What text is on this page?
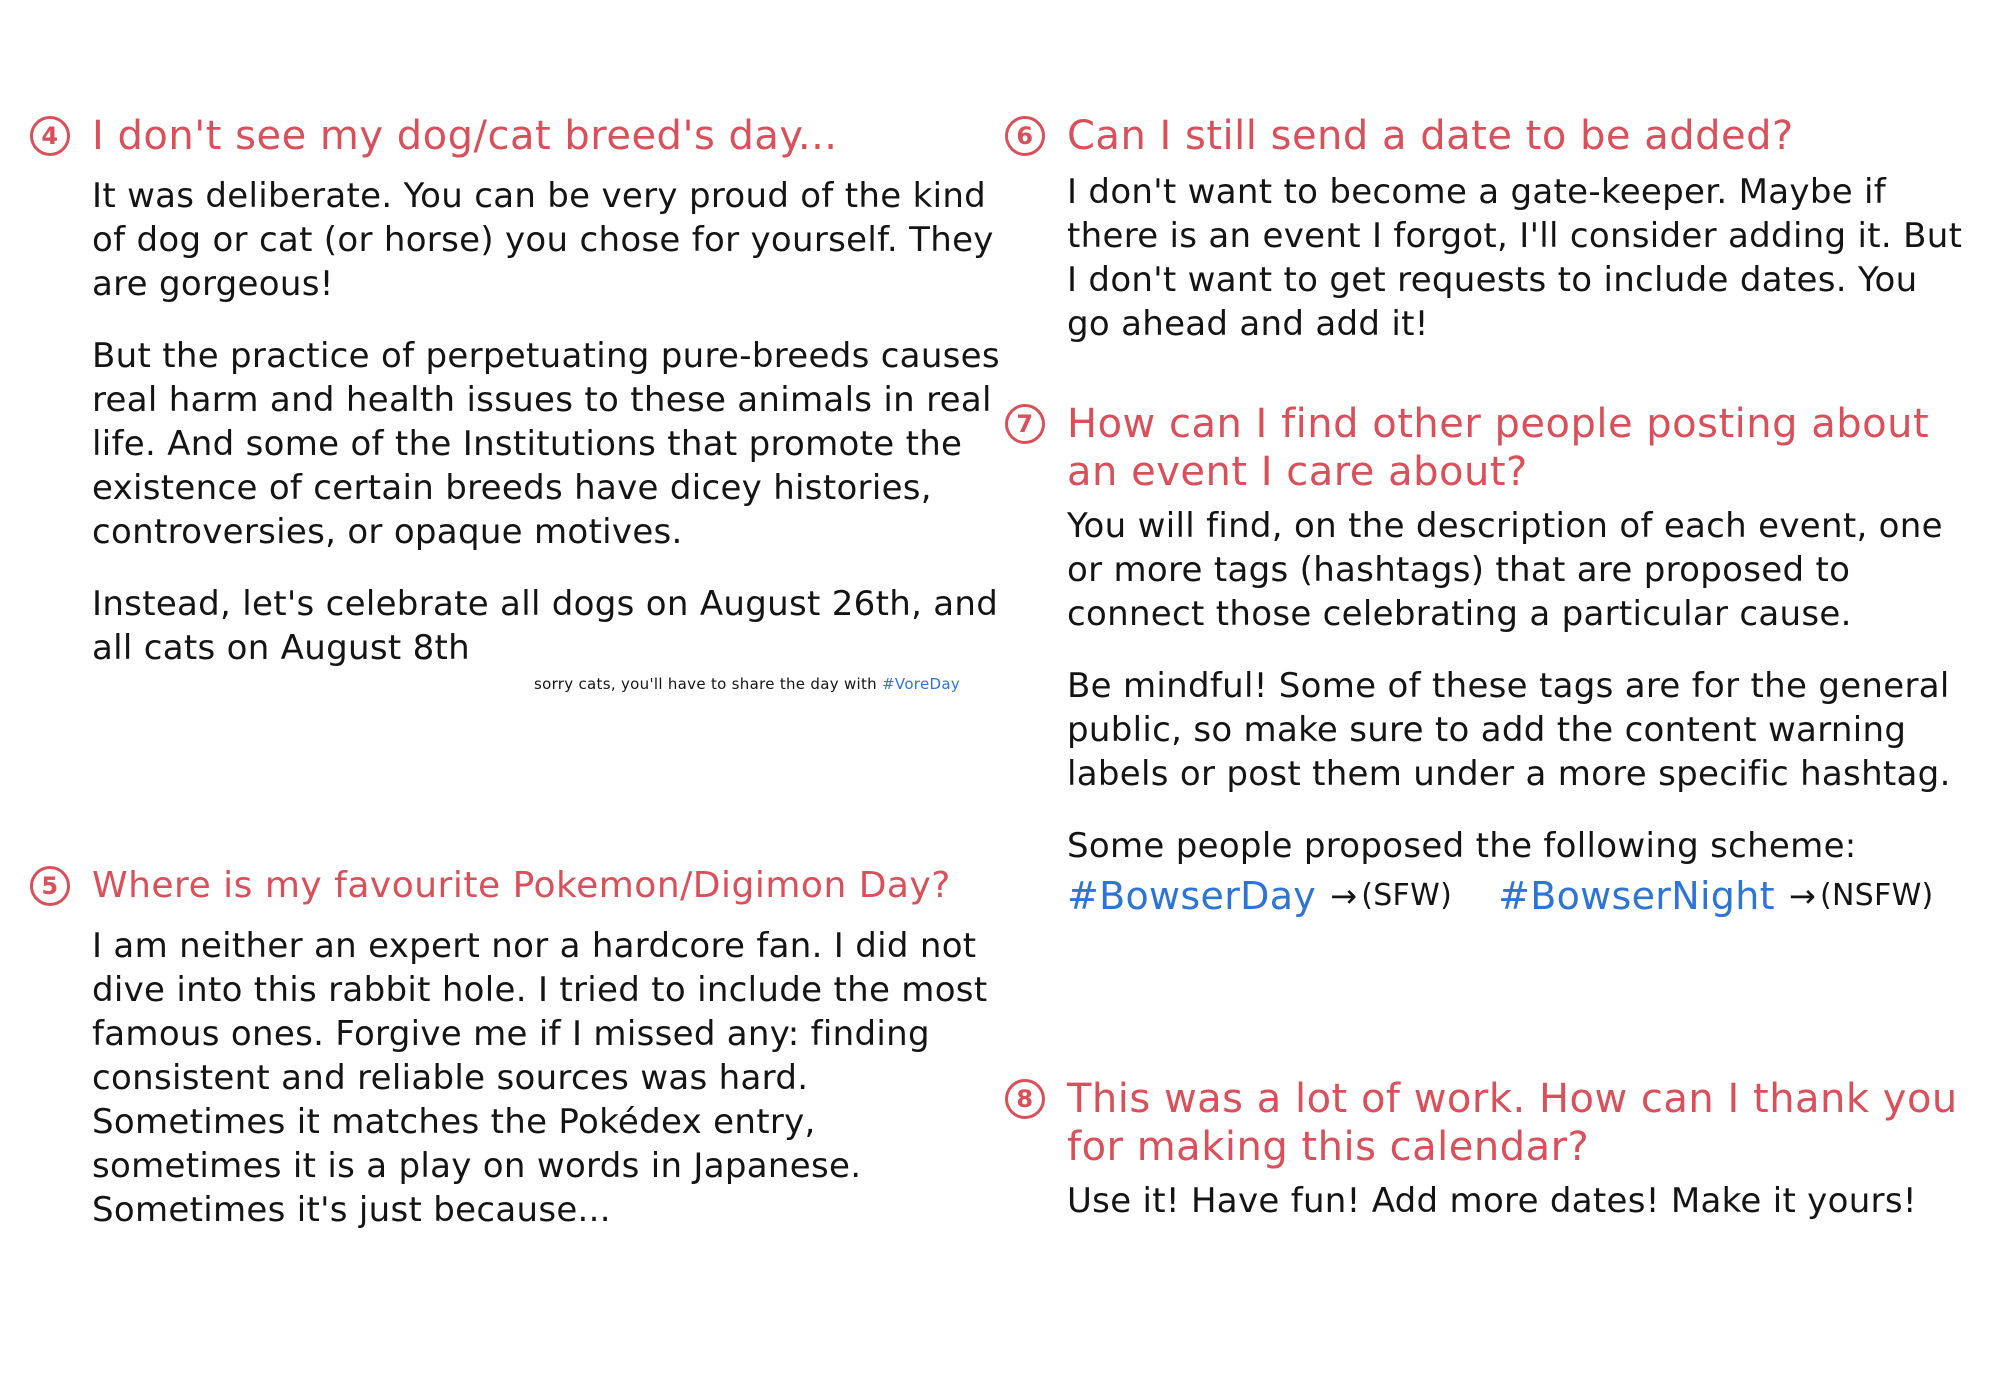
4 I don't see my dog/cat breed's day...

It was deliberate. You can be very proud of the kind of dog or cat (or horse) you chose for yourself. They are gorgeous!

But the practice of perpetuating pure-breeds causes real harm and health issues to these animals in real life. And some of the Institutions that promote the existence of certain breeds have dicey histories, controversies, or opaque motives.

Instead, let's celebrate all dogs on August 26th, and all cats on August 8th

sorry cats, you'll have to share the day with #VoreDay
5 Where is my favourite Pokemon/Digimon Day?

I am neither an expert nor a hardcore fan. I did not dive into this rabbit hole. I tried to include the most famous ones. Forgive me if I missed any: finding consistent and reliable sources was hard. Sometimes it matches the Pokédex entry, sometimes it is a play on words in Japanese. Sometimes it's just because...

6 Can I still send a date to be added?

I don't want to become a gate-keeper. Maybe if there is an event I forgot, I'll consider adding it. But I don't want to get requests to include dates. You go ahead and add it!

7 How can I find other people posting about an event I care about?

You will find, on the description of each event, one or more tags (hashtags) that are proposed to connect those celebrating a particular cause.

Be mindful! Some of these tags are for the general public, so make sure to add the content warning labels or post them under a more specific hashtag.

Some people proposed the following scheme:

#BowserDay → (SFW) #BowserNight → (NSFW)
8 This was a lot of work. How can I thank you for making this calendar?

Use it! Have fun! Add more dates! Make it yours!
